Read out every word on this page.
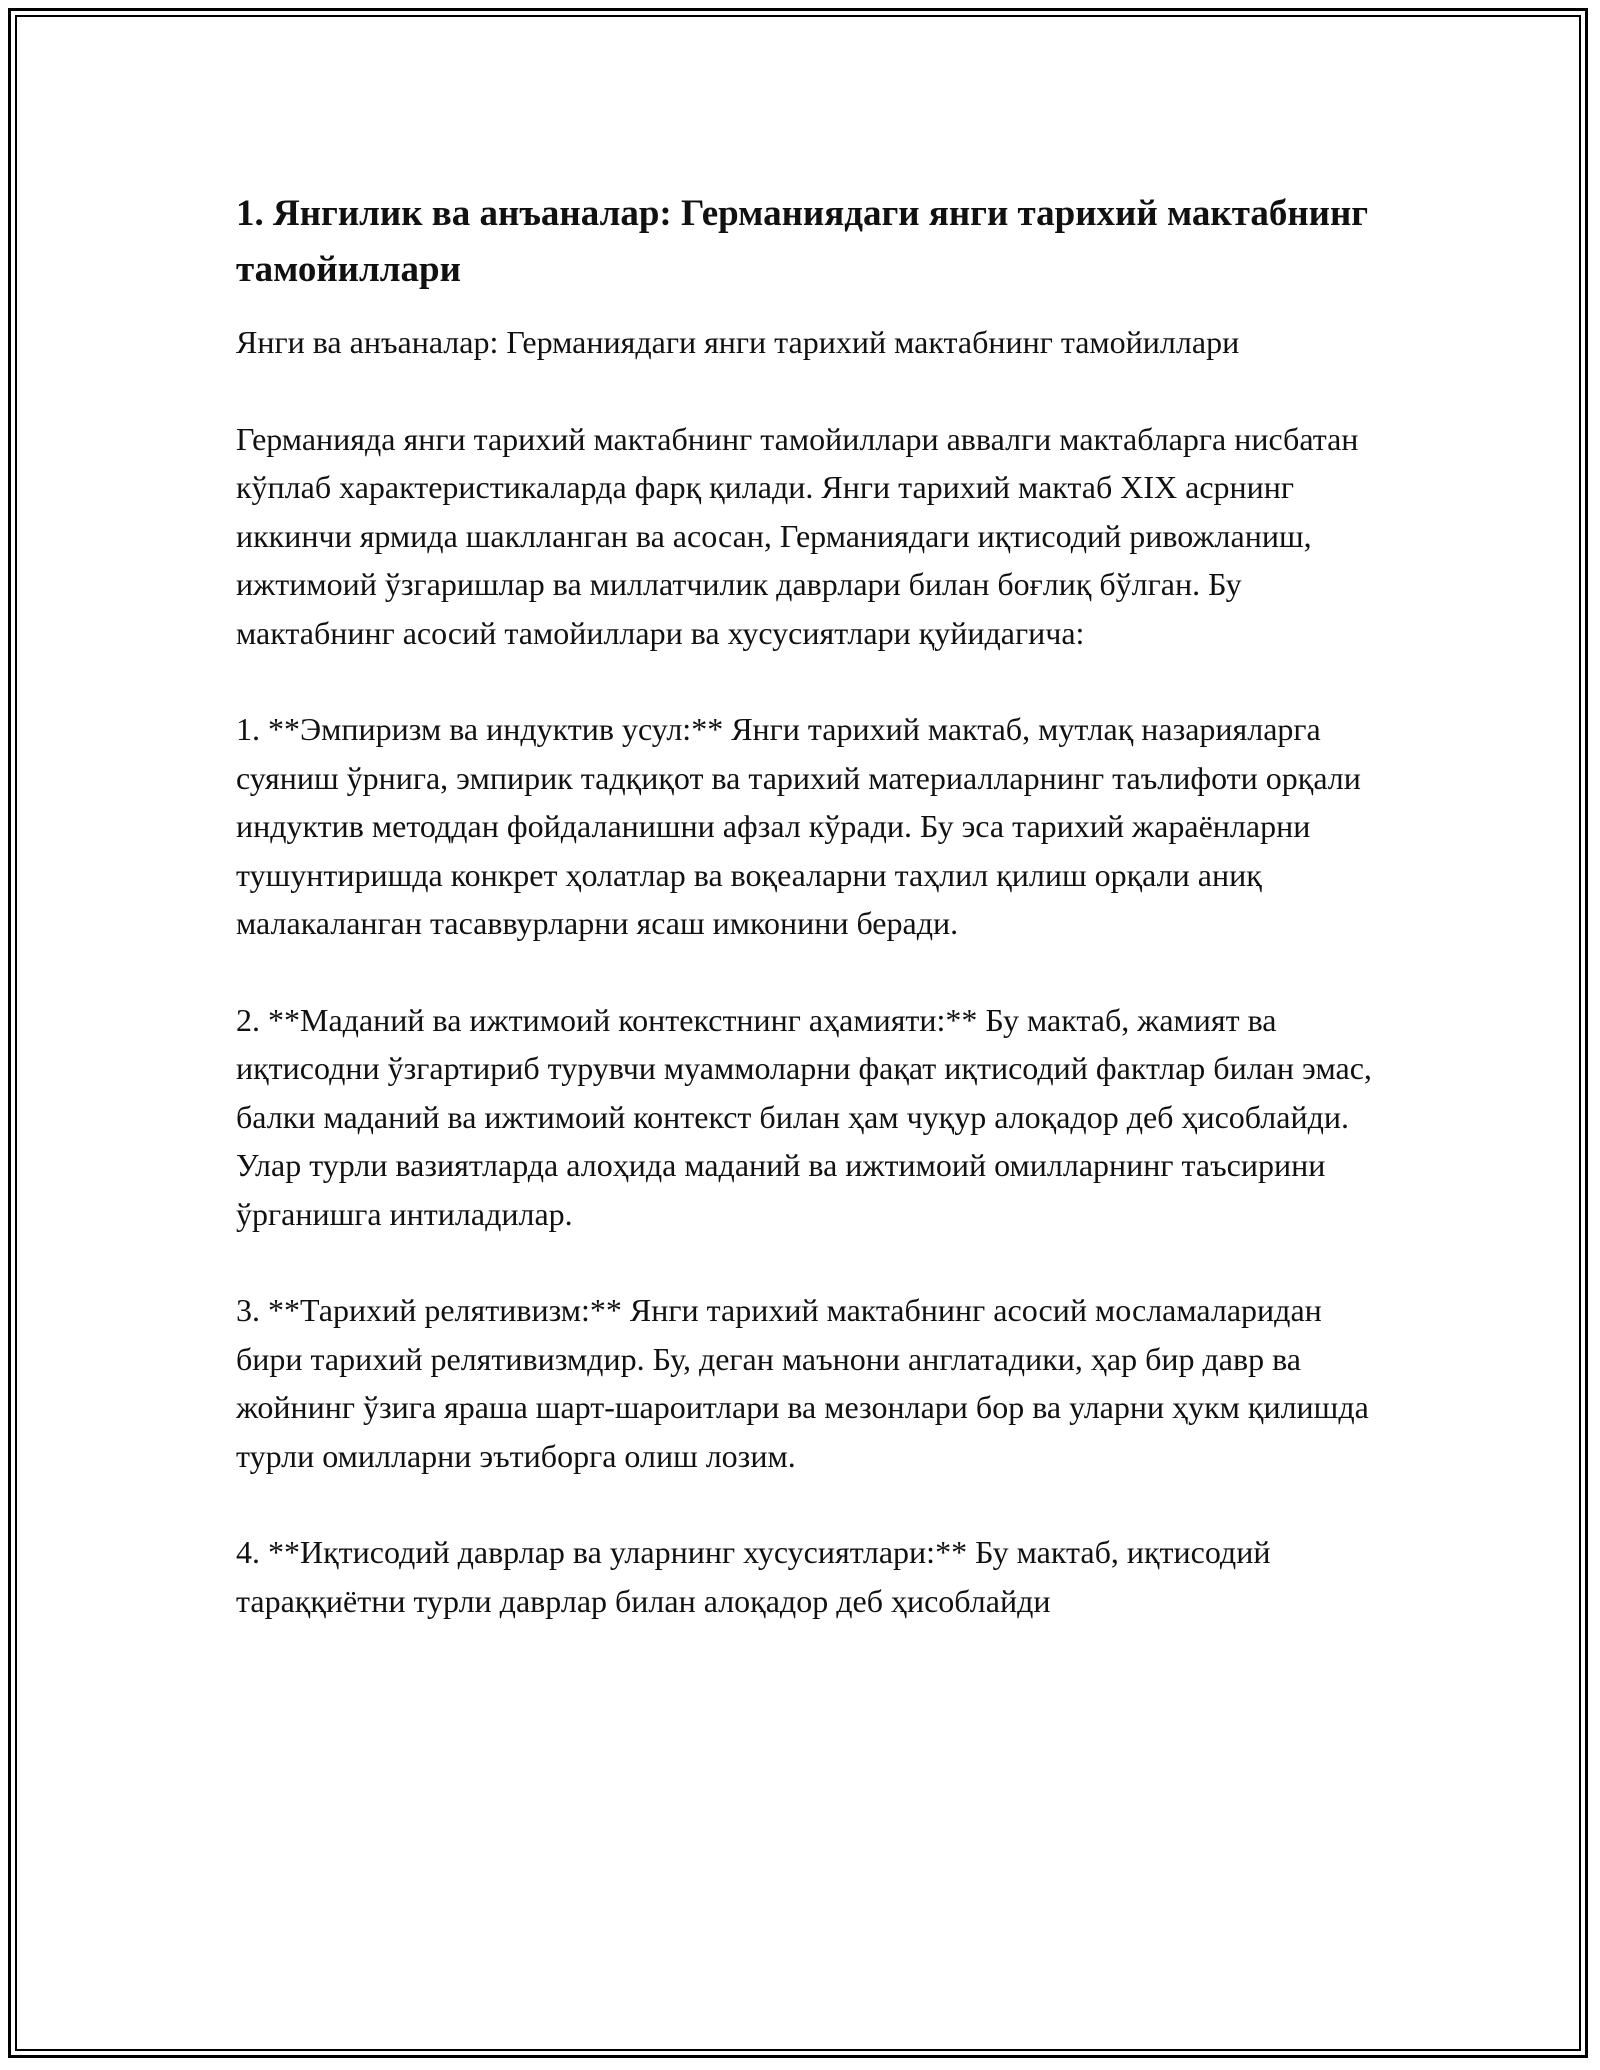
1. Янгилик ва анъаналар: Германиядаги янги тарихий мактабнинг тамойиллари

Янги ва анъаналар: Германиядаги янги тарихий мактабнинг тамойиллари

Германияда янги тарихий мактабнинг тамойиллари аввалги мактабларга нисбатан кўплаб характеристикаларда фарқ қилади. Янги тарихий мактаб XIX асрнинг иккинчи ярмида шаклланган ва асосан, Германиядаги иқтисодий ривожланиш, ижтимоий ўзгаришлар ва миллатчилик даврлари билан боғлиқ бўлган. Бу мактабнинг асосий тамойиллари ва хусусиятлари қуйидагича:

1. **Эмпиризм ва индуктив усул:** Янги тарихий мактаб, мутлақ назарияларга суяниш ўрнига, эмпирик тадқиқот ва тарихий материалларнинг таълифоти орқали индуктив методдан фойдаланишни афзал кўради. Бу эса тарихий жараёнларни тушунтиришда конкрет ҳолатлар ва воқеаларни таҳлил қилиш орқали аниқ малакаланган тасаввурларни ясаш имконини беради.

2. **Маданий ва ижтимоий контекстнинг аҳамияти:** Бу мактаб, жамият ва иқтисодни ўзгартириб турувчи муаммоларни фақат иқтисодий фактлар билан эмас, балки маданий ва ижтимоий контекст билан ҳам чуқур алоқадор деб ҳисоблайди. Улар турли вазиятларда алоҳида маданий ва ижтимоий омилларнинг таъсирини ўрганишга интиладилар.

3. **Тарихий релятивизм:** Янги тарихий мактабнинг асосий мосламаларидан бири тарихий релятивизмдир. Бу, деган маънони англатадики, ҳар бир давр ва жойнинг ўзига яраша шарт-шароитлари ва мезонлари бор ва уларни ҳукм қилишда турли омилларни эътиборга олиш лозим.

4. **Иқтисодий даврлар ва уларнинг хусусиятлари:** Бу мактаб, иқтисодий тараққиётни турли даврлар билан алоқадор деб ҳисоблайди
